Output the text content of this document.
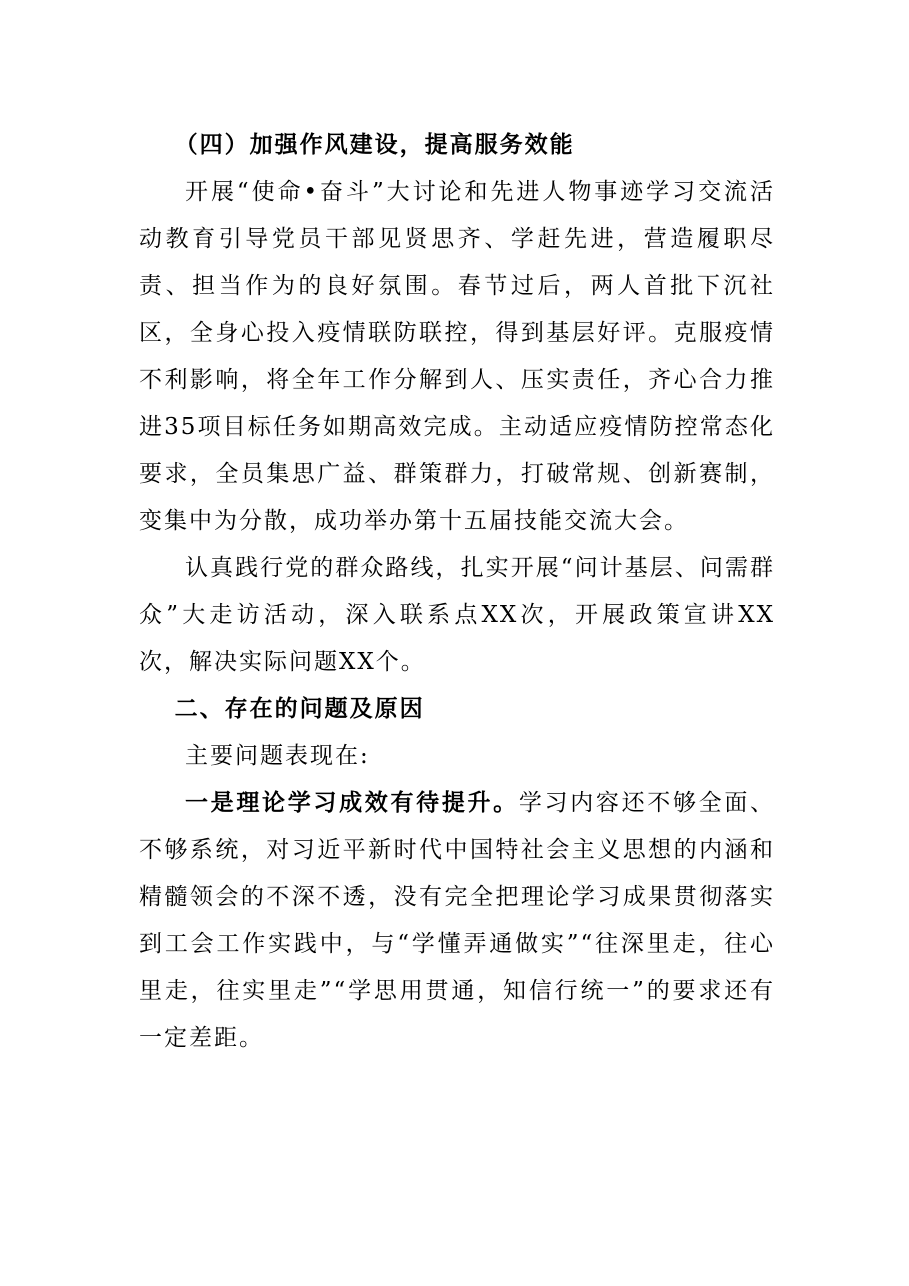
（四）加强作风建设，提高服务效能

开展“使命•奋斗”大讨论和先进人物事迹学习交流活动教育引导党员干部见贤思齐、学赶先进，营造履职尽责、担当作为的良好氛围。春节过后，两人首批下沉社区，全身心投入疫情联防联控，得到基层好评。克服疫情不利影响，将全年工作分解到人、压实责任，齐心合力推进35项目标任务如期高效完成。主动适应疫情防控常态化要求，全员集思广益、群策群力，打破常规、创新赛制，变集中为分散，成功举办第十五届技能交流大会。

认真践行党的群众路线，扎实开展“问计基层、问需群众”大走访活动，深入联系点XX次，开展政策宣讲XX次，解决实际问题XX个。

二、存在的问题及原因

主要问题表现在:

一是理论学习成效有待提升。学习内容还不够全面、不够系统，对习近平新时代中国特社会主义思想的内涵和精髓领会的不深不透，没有完全把理论学习成果贯彻落实到工会工作实践中，与“学懂弄通做实”“往深里走，往心里走，往实里走”“学思用贯通，知信行统一”的要求还有一定差距。
